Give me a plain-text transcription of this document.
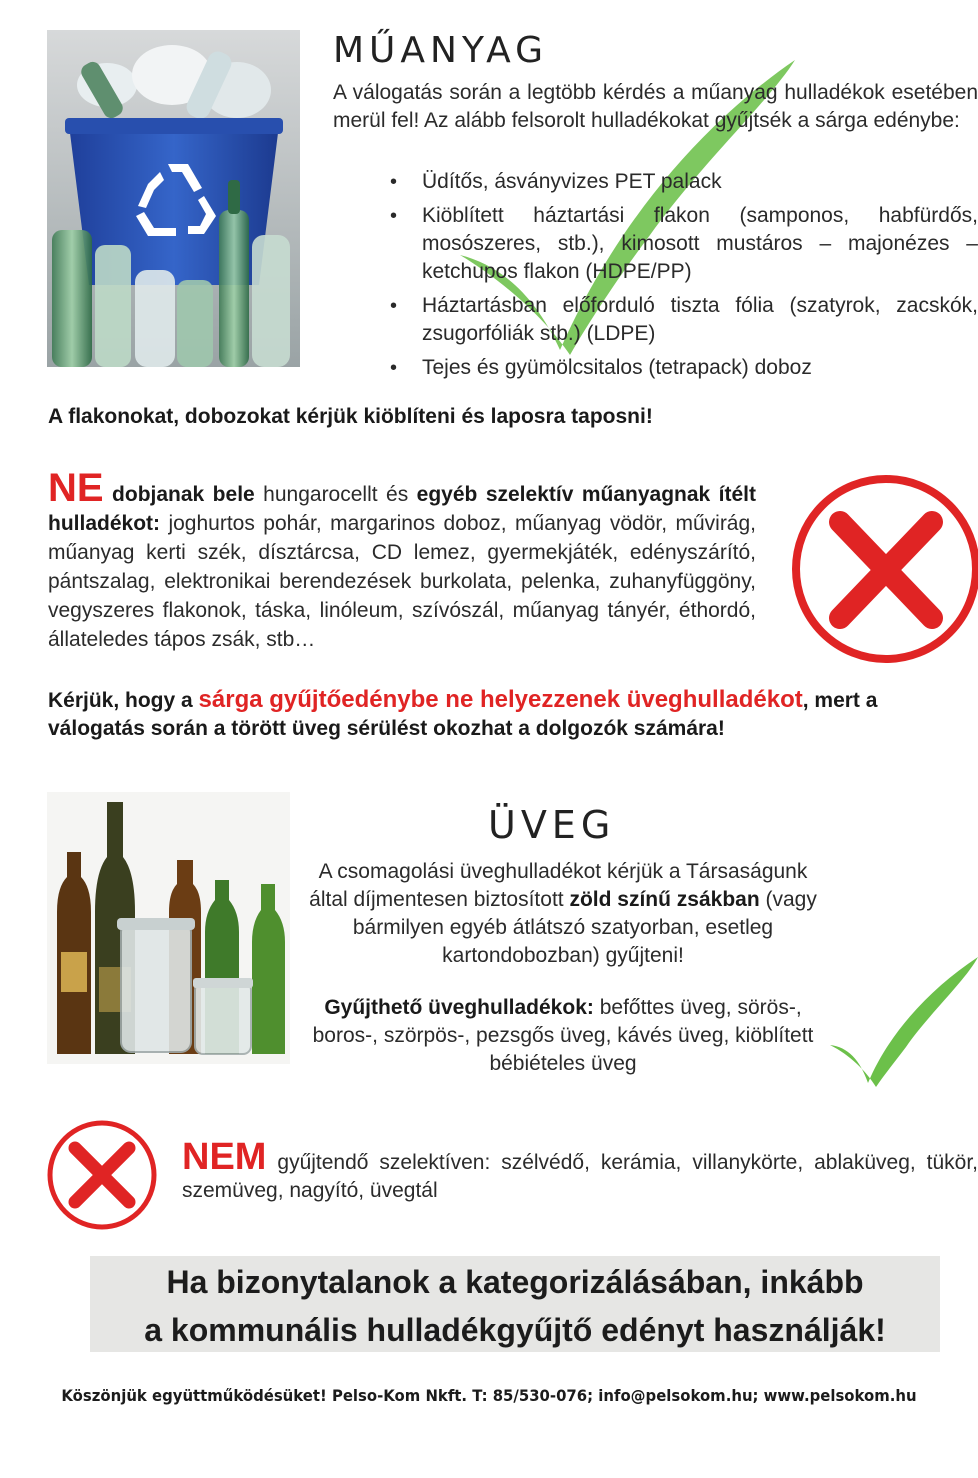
MŰANYAG

A válogatás során a legtöbb kérdés a műanyag hulladékok esetében merül fel! Az alább felsorolt hulladékokat gyűjtsék a sárga edénybe:

• Üdítős, ásványvizes PET palack
• Kiöblített háztartási flakon (samponos, habfürdős, mosószeres, stb.), kimosott mustáros – majonézes – ketchupos flakon (HDPE/PP)
• Háztartásban előforduló tiszta fólia (szatyrok, zacskók, zsugorfóliák stb.) (LDPE)
• Tejes és gyümölcsitalos (tetrapack) doboz

A flakonokat, dobozokat kérjük kiöblíteni és laposra taposni!

NE dobjanak bele hungarocellt és egyéb szelektív műanyagnak ítélt hulladékot: joghurtos pohár, margarinos doboz, műanyag vödör, művirág, műanyag kerti szék, dísztárcsa, CD lemez, gyermekjáték, edényszárító, pántszalag, elektronikai berendezések burkolata, pelenka, zuhanyfüggöny, vegyszeres flakonok, táska, linóleum, szívószál, műanyag tányér, éthordó, állateledes tápos zsák, stb…

Kérjük, hogy a sárga gyűjtőedénybe ne helyezzenek üveghulladékot, mert a válogatás során a törött üveg sérülést okozhat a dolgozók számára!

ÜVEG

A csomagolási üveghulladékot kérjük a Társaságunk által díjmentesen biztosított zöld színű zsákban (vagy bármilyen egyéb átlátszó szatyorban, esetleg kartondobozban) gyűjteni!

Gyűjthető üveghulladékok: befőttes üveg, sörös-, boros-, szörpös-, pezsgős üveg, kávés üveg, kiöblített bébiételes üveg

NEM gyűjtendő szelektíven: szélvédő, kerámia, villanykörte, ablaküveg, tükör, szemüveg, nagyító, üvegtál

Ha bizonytalanok a kategorizálásában, inkább

a kommunális hulladékgyűjtő edényt használják!

Köszönjük együttműködésüket! Pelso-Kom Nkft. T: 85/530-076; info@pelsokom.hu; www.pelsokom.hu
